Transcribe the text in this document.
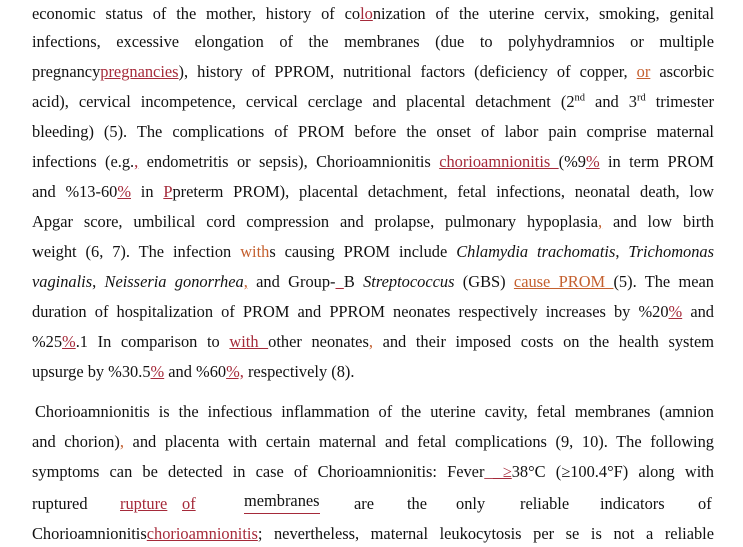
economic status of the mother, history of colonization of the uterine cervix, smoking, genital
infections, excessive elongation of the membranes (due to polyhydramnios or multiple
pregnancypregnancies), history of PPROM, nutritional factors (deficiency of copper, or ascorbic
acid), cervical incompetence, cervical cerclage and placental detachment (2nd and 3rd trimester
bleeding) (5). The complications of PROM before the onset of labor pain comprise maternal
infections (e.g., endometritis or sepsis), Chorioamnionitis chorioamnionitis (%9% in term PROM
and %13-60% in Ppreterm PROM), placental detachment, fetal infections, neonatal death, low
Apgar score, umbilical cord compression and prolapse, pulmonary hypoplasia, and low birth
weight (6, 7). The infection withs causing PROM include Chlamydia trachomatis, Trichomonas
vaginalis, Neisseria gonorrhea, and Group- B Streptococcus (GBS) cause PROM (5). The mean
duration of hospitalization of PROM and PPROM neonates respectively increases by %20% and
%25%.1 In comparison to with other neonates, and their imposed costs on the health system
upsurge by %30.5% and %60%, respectively (8).
Chorioamnionitis is the infectious inflammation of the uterine cavity, fetal membranes (amnion
and chorion), and placenta with certain maternal and fetal complications (9, 10). The following
symptoms can be detected in case of Chorioamnionitis: Fever_ ≥38°C (≥100.4°F) along with
ruptured rupture of	membranes are the only reliable indicators of
Chorioamnionitischorioamnionitis; nevertheless, maternal leukocytosis per se is not a reliable
